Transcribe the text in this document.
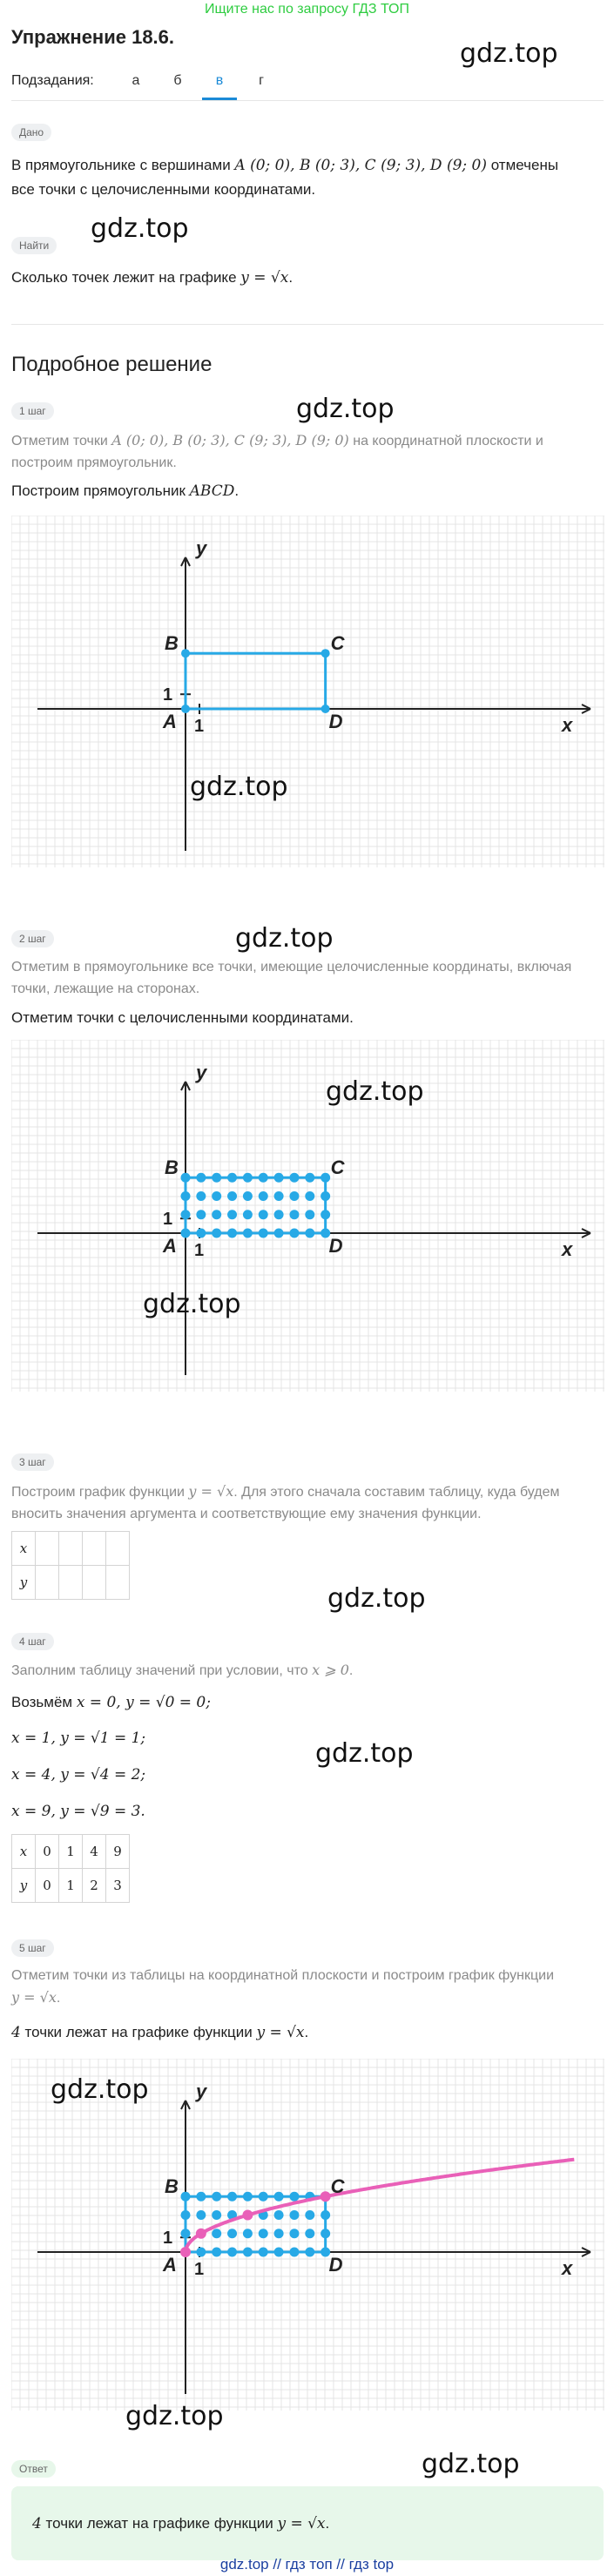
Ищите нас по запросу ГДЗ ТОП
Упражнение 18.6.
gdz.top
Подзадания:	а	б	в	г
Дано
В прямоугольнике с вершинами A (0; 0), B (0; 3), C (9; 3), D (9; 0) отмечены
все точки с целочисленными координатами.
gdz.top
Найти
Сколько точек лежит на графике y = √x.
Подробное решение
1 шаг	gdz.top
Отметим точки A (0; 0), B (0; 3), C (9; 3), D (9; 0) на координатной плоскости и
построим прямоугольник.
Построим прямоугольник ABCD.
y
x
B	C
A	D
1
1
gdz.top
2 шаг	gdz.top
Отметим в прямоугольнике все точки, имеющие целочисленные координаты, включая
точки, лежащие на сторонах.
Отметим точки с целочисленными координатами.
y
x
B	C
A	D
1
1
gdz.top
gdz.top
3 шаг
Построим график функции y = √x. Для этого сначала составим таблицу, куда будем
вносить значения аргумента и соответствующие ему значения функции.
x				
y				
gdz.top
4 шаг
Заполним таблицу значений при условии, что x ⩾ 0.
Возьмём x = 0, y = √0 = 0;
x = 1, y = √1 = 1;	gdz.top
x = 4, y = √4 = 2;
x = 9, y = √9 = 3.
x	0	1	4	9
y	0	1	2	3
5 шаг
Отметим точки из таблицы на координатной плоскости и построим график функции
y = √x.
4 точки лежат на графике функции y = √x.
y
x
B	C
A	D
1
1
gdz.top
gdz.top
Ответ	gdz.top
4 точки лежат на графике функции y = √x.
gdz.top // гдз топ // гдз top
